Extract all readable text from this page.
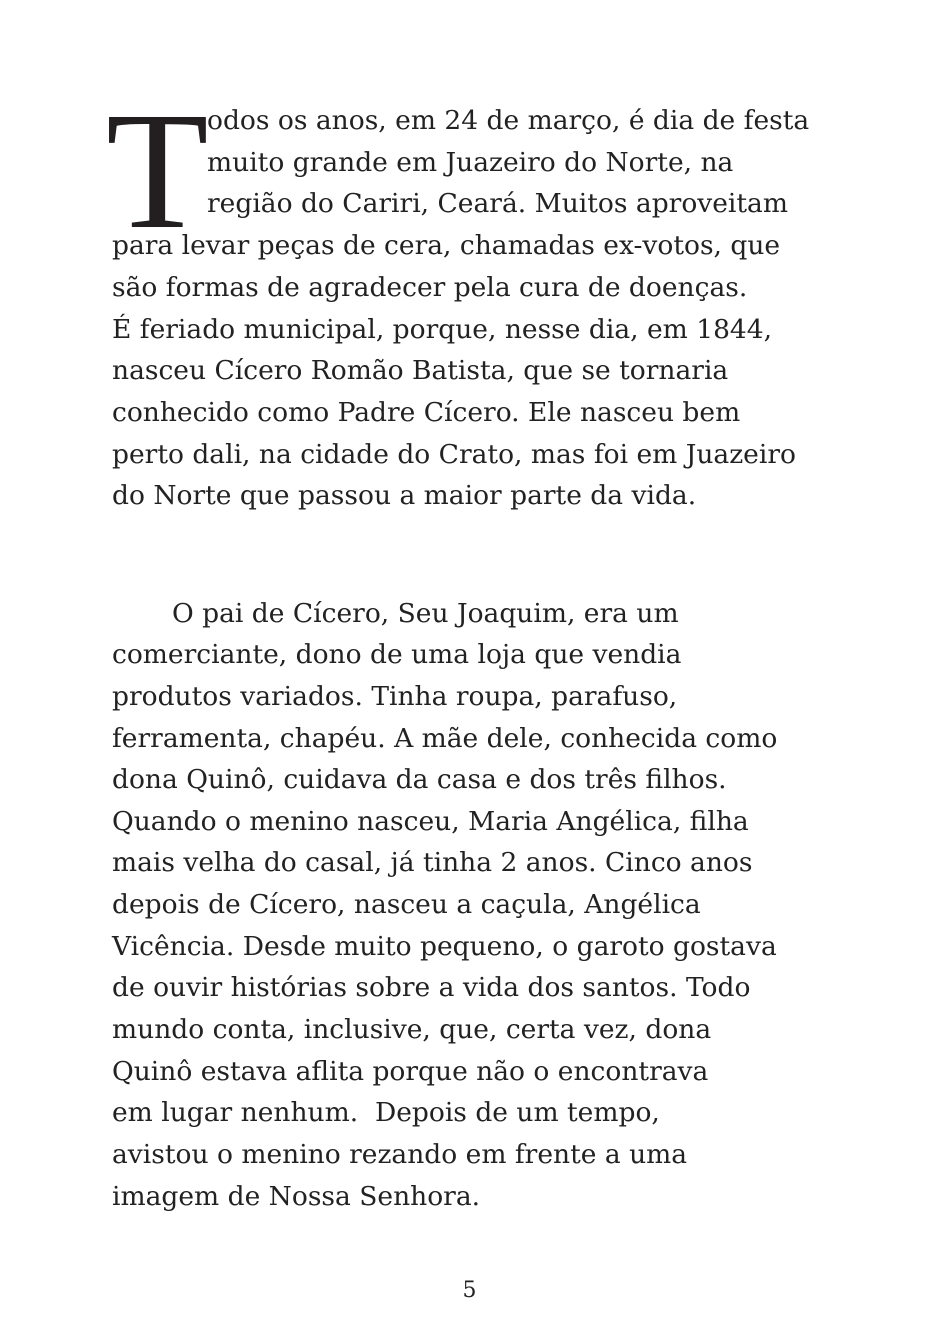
T

odos os anos, em 24 de março, é dia de festa

muito grande em Juazeiro do Norte, na

região do Cariri, Ceará. Muitos aproveitam

para levar peças de cera, chamadas ex-votos, que

são formas de agradecer pela cura de doenças.

É feriado municipal, porque, nesse dia, em 1844,

nasceu Cícero Romão Batista, que se tornaria

conhecido como Padre Cícero. Ele nasceu bem

perto dali, na cidade do Crato, mas foi em Juazeiro

do Norte que passou a maior parte da vida.

O pai de Cícero, Seu Joaquim, era um

comerciante, dono de uma loja que vendia

produtos variados. Tinha roupa, parafuso,

ferramenta, chapéu. A mãe dele, conhecida como

dona Quinô, cuidava da casa e dos três filhos.

Quando o menino nasceu, Maria Angélica, filha

mais velha do casal, já tinha 2 anos. Cinco anos

depois de Cícero, nasceu a caçula, Angélica

Vicência. Desde muito pequeno, o garoto gostava

de ouvir histórias sobre a vida dos santos. Todo

mundo conta, inclusive, que, certa vez, dona

Quinô estava aflita porque não o encontrava

em lugar nenhum.  Depois de um tempo,

avistou o menino rezando em frente a uma

imagem de Nossa Senhora.

5
